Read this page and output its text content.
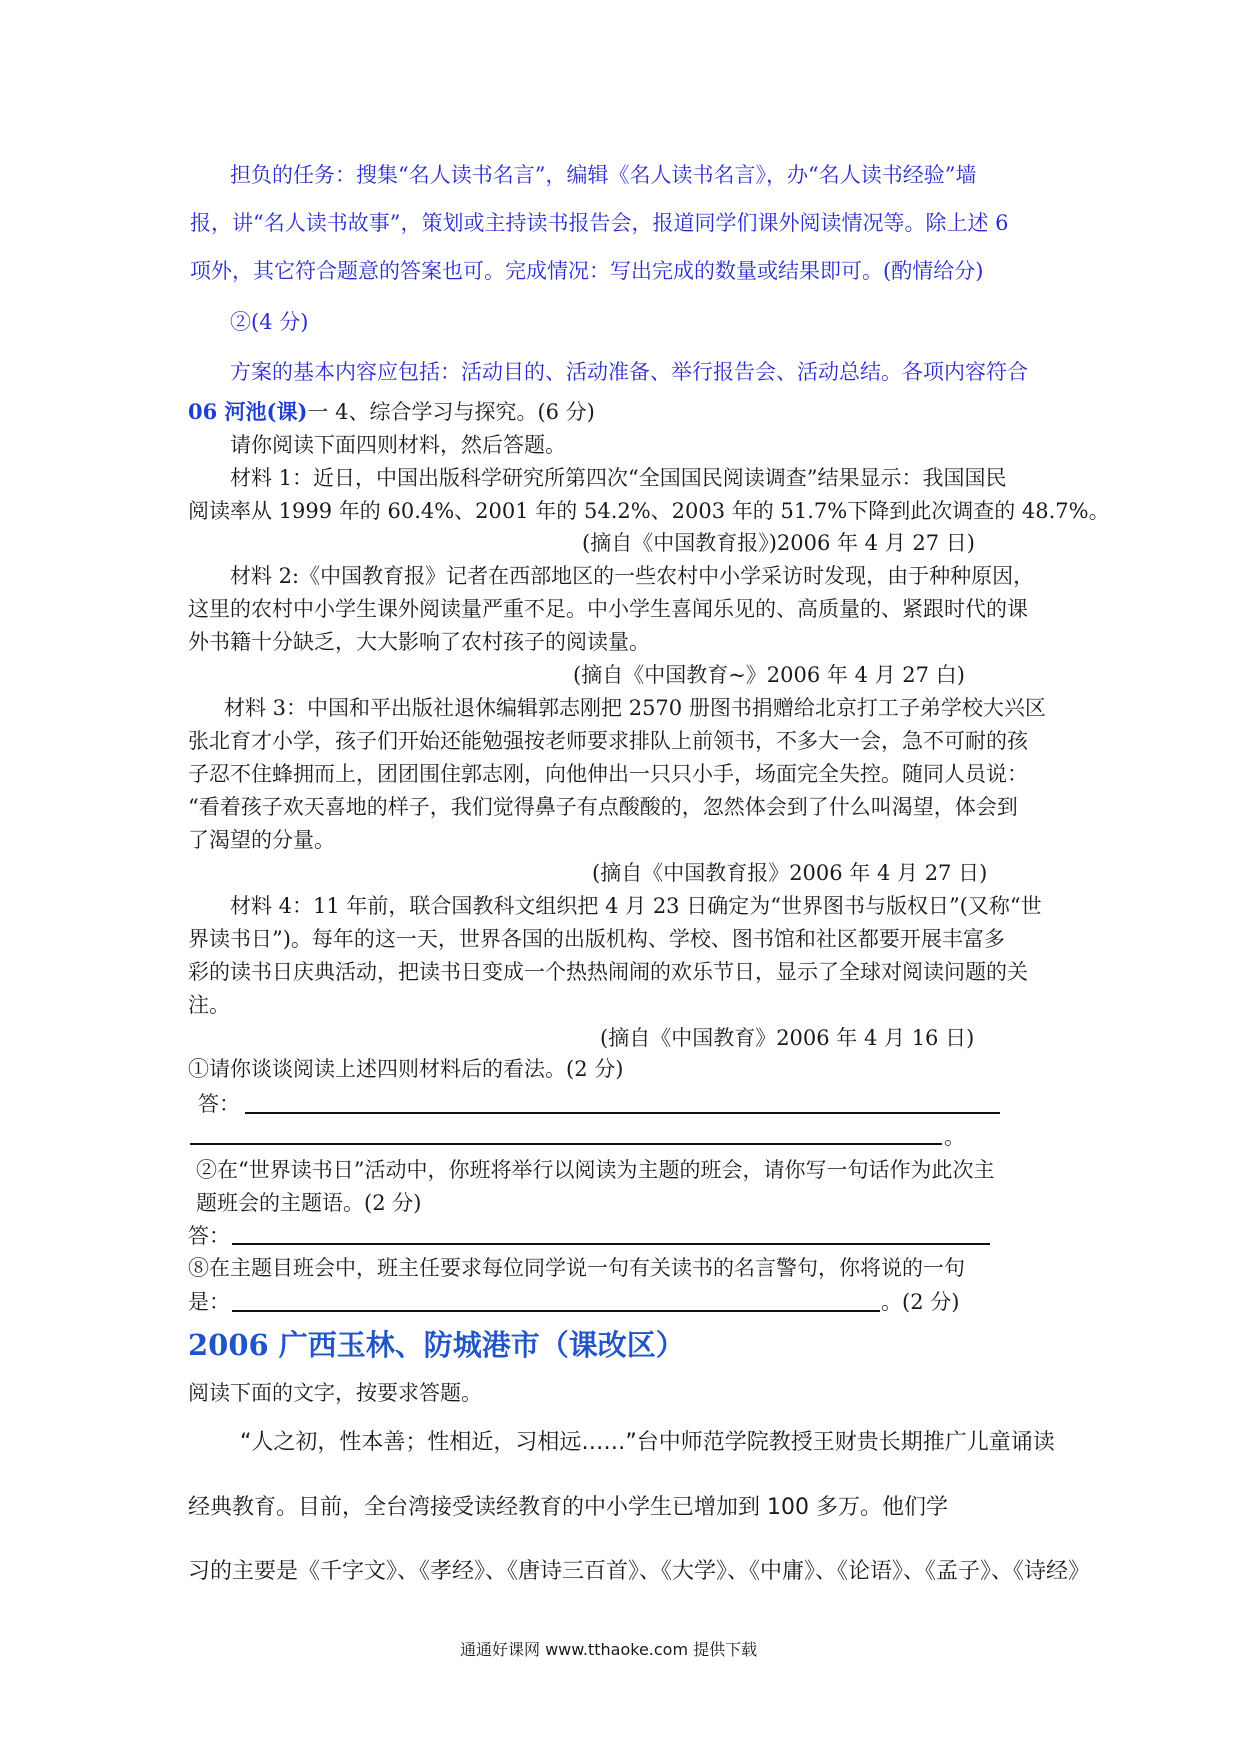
担负的任务：搜集“名人读书名言”，编辑《名人读书名言》，办“名人读书经验”墙
报，讲“名人读书故事”，策划或主持读书报告会，报道同学们课外阅读情况等。除上述 6
项外，其它符合题意的答案也可。完成情况：写出完成的数量或结果即可。(酌情给分)
②(4 分)
方案的基本内容应包括：活动目的、活动准备、举行报告会、活动总结。各项内容符合
06 河池(课)一 4、综合学习与探究。(6 分)
请你阅读下面四则材料，然后答题。
材料 1：近日，中国出版科学研究所第四次“全国国民阅读调查”结果显示：我国国民
阅读率从 1999 年的 60.4%、2001 年的 54.2%、2003 年的 51.7%下降到此次调查的 48.7%。
(摘自《中国教育报》)2006 年 4 月 27 日)
材料 2:《中国教育报》记者在西部地区的一些农村中小学采访时发现，由于种种原因，
这里的农村中小学生课外阅读量严重不足。中小学生喜闻乐见的、高质量的、紧跟时代的课
外书籍十分缺乏，大大影响了农村孩子的阅读量。
(摘自《中国教育~》2006 年 4 月 27 白)
材料 3：中国和平出版社退休编辑郭志刚把 2570 册图书捐赠给北京打工子弟学校大兴区
张北育才小学，孩子们开始还能勉强按老师要求排队上前领书，不多大一会，急不可耐的孩
子忍不住蜂拥而上，团团围住郭志刚，向他伸出一只只小手，场面完全失控。随同人员说：
“看着孩子欢天喜地的样子，我们觉得鼻子有点酸酸的，忽然体会到了什么叫渴望，体会到
了渴望的分量。
(摘自《中国教育报》2006 年 4 月 27 日)
材料 4：11 年前，联合国教科文组织把 4 月 23 日确定为“世界图书与版权日”(又称“世
界读书日”)。每年的这一天，世界各国的出版机构、学校、图书馆和社区都要开展丰富多
彩的读书日庆典活动，把读书日变成一个热热闹闹的欢乐节日，显示了全球对阅读问题的关
注。
(摘自《中国教育》2006 年 4 月 16 日)
①请你谈谈阅读上述四则材料后的看法。(2 分)
答：
。
②在“世界读书日”活动中，你班将举行以阅读为主题的班会，请你写一句话作为此次主
题班会的主题语。(2 分)
答：
⑧在主题目班会中，班主任要求每位同学说一句有关读书的名言警句，你将说的一句
是：	。(2 分)
2006 广西玉林、防城港市（课改区）
阅读下面的文字，按要求答题。
“人之初，性本善；性相近，习相远……”台中师范学院教授王财贵长期推广儿童诵读
经典教育。目前，全台湾接受读经教育的中小学生已增加到 100 多万。他们学
习的主要是《千字文》、《孝经》、《唐诗三百首》、《大学》、《中庸》、《论语》、《孟子》、《诗经》
通通好课网 www.tthaoke.com 提供下载
